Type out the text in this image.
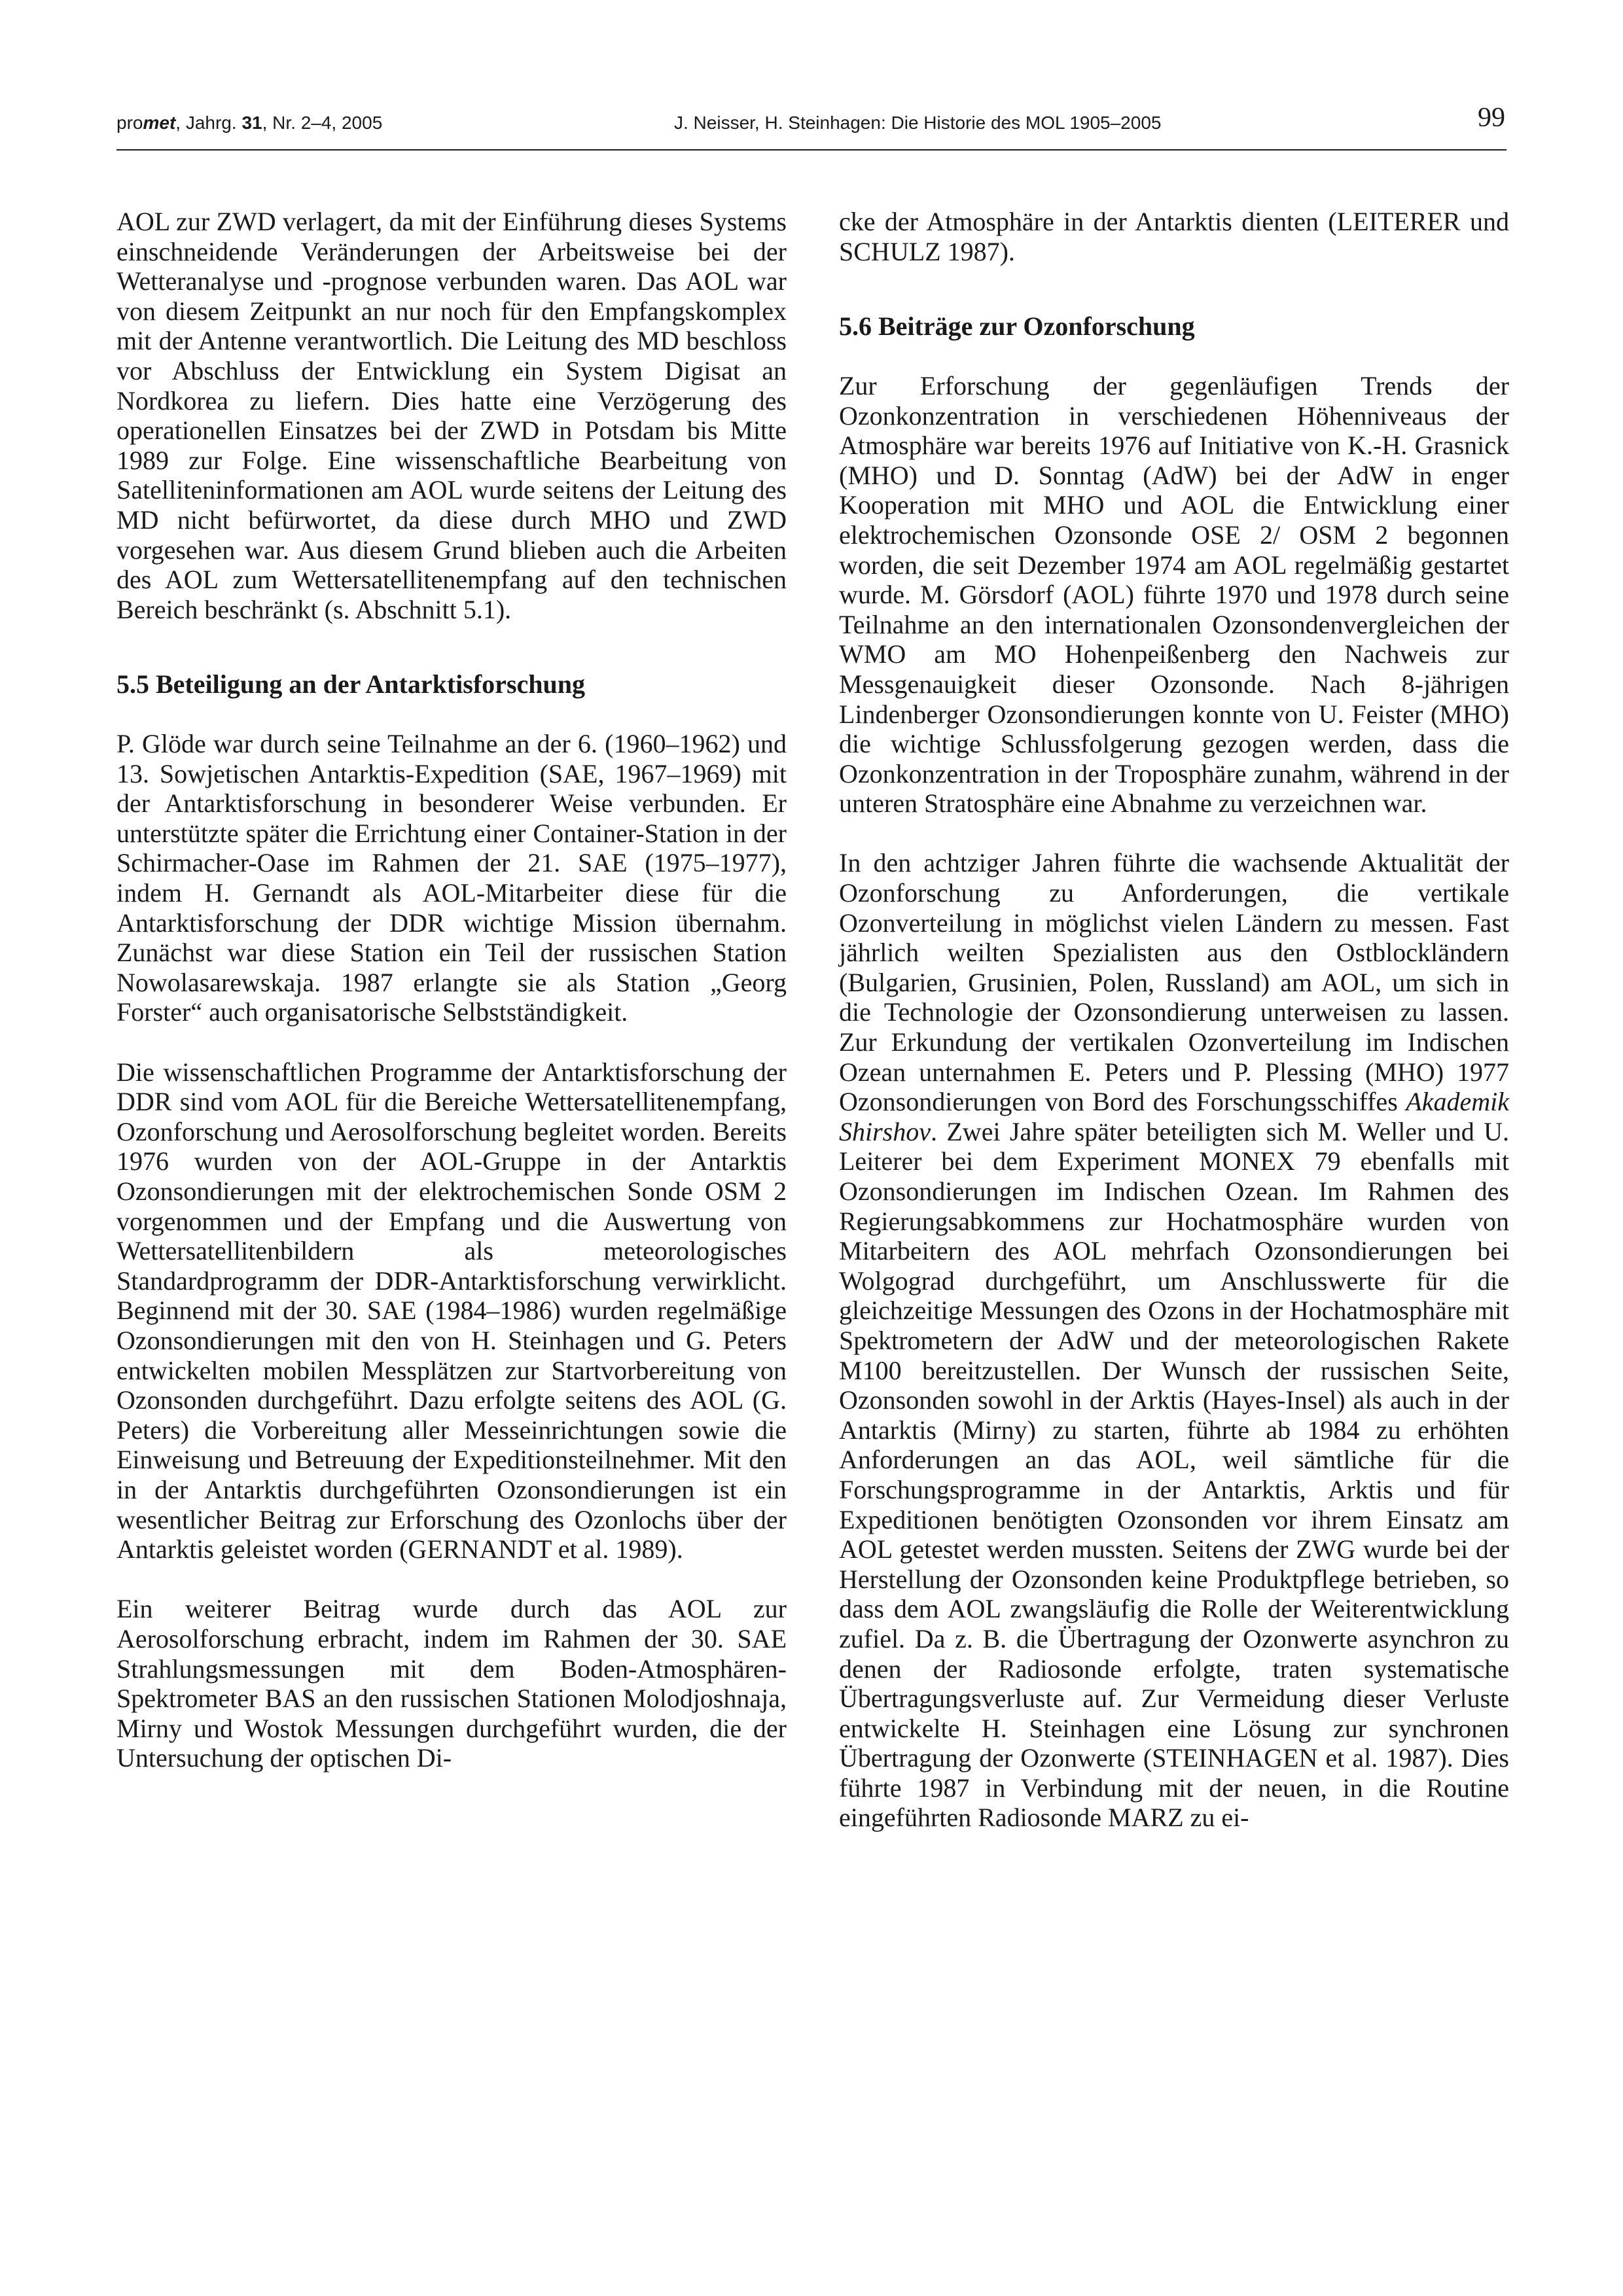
promet, Jahrg. 31, Nr. 2–4, 2005	J. Neisser, H. Steinhagen: Die Historie des MOL 1905–2005	99

AOL zur ZWD verlagert, da mit der Einführung dieses Systems einschneidende Veränderungen der Arbeitsweise bei der Wetteranalyse und -prognose verbunden waren. Das AOL war von diesem Zeitpunkt an nur noch für den Empfangskomplex mit der Antenne verantwortlich. Die Leitung des MD beschloss vor Abschluss der Entwicklung ein System Digisat an Nordkorea zu liefern. Dies hatte eine Verzögerung des operationellen Einsatzes bei der ZWD in Potsdam bis Mitte 1989 zur Folge. Eine wissenschaftliche Bearbeitung von Satelliteninformationen am AOL wurde seitens der Leitung des MD nicht befürwortet, da diese durch MHO und ZWD vorgesehen war. Aus diesem Grund blieben auch die Arbeiten des AOL zum Wettersatellitenempfang auf den technischen Bereich beschränkt (s. Abschnitt 5.1).

5.5 Beteiligung an der Antarktisforschung

P. Glöde war durch seine Teilnahme an der 6. (1960–1962) und 13. Sowjetischen Antarktis-Expedition (SAE, 1967–1969) mit der Antarktisforschung in besonderer Weise verbunden. Er unterstützte später die Errichtung einer Container-Station in der Schirmacher-Oase im Rahmen der 21. SAE (1975–1977), indem H. Gernandt als AOL-Mitarbeiter diese für die Antarktisforschung der DDR wichtige Mission übernahm. Zunächst war diese Station ein Teil der russischen Station Nowolasarewskaja. 1987 erlangte sie als Station „Georg Forster“ auch organisatorische Selbstständigkeit.

Die wissenschaftlichen Programme der Antarktisforschung der DDR sind vom AOL für die Bereiche Wettersatellitenempfang, Ozonforschung und Aerosolforschung begleitet worden. Bereits 1976 wurden von der AOL-Gruppe in der Antarktis Ozonsondierungen mit der elektrochemischen Sonde OSM 2 vorgenommen und der Empfang und die Auswertung von Wettersatellitenbildern als meteorologisches Standardprogramm der DDR-Antarktisforschung verwirklicht. Beginnend mit der 30. SAE (1984–1986) wurden regelmäßige Ozonsondierungen mit den von H. Steinhagen und G. Peters entwickelten mobilen Messplätzen zur Startvorbereitung von Ozonsonden durchgeführt. Dazu erfolgte seitens des AOL (G. Peters) die Vorbereitung aller Messeinrichtungen sowie die Einweisung und Betreuung der Expeditionsteilnehmer. Mit den in der Antarktis durchgeführten Ozonsondierungen ist ein wesentlicher Beitrag zur Erforschung des Ozonlochs über der Antarktis geleistet worden (GERNANDT et al. 1989).

Ein weiterer Beitrag wurde durch das AOL zur Aerosolforschung erbracht, indem im Rahmen der 30. SAE Strahlungsmessungen mit dem Boden-Atmosphären-Spektrometer BAS an den russischen Stationen Molodjoshnaja, Mirny und Wostok Messungen durchgeführt wurden, die der Untersuchung der optischen Di-

cke der Atmosphäre in der Antarktis dienten (LEITERER und SCHULZ 1987).

5.6 Beiträge zur Ozonforschung

Zur Erforschung der gegenläufigen Trends der Ozonkonzentration in verschiedenen Höhenniveaus der Atmosphäre war bereits 1976 auf Initiative von K.-H. Grasnick (MHO) und D. Sonntag (AdW) bei der AdW in enger Kooperation mit MHO und AOL die Entwicklung einer elektrochemischen Ozonsonde OSE 2/ OSM 2 begonnen worden, die seit Dezember 1974 am AOL regelmäßig gestartet wurde. M. Görsdorf (AOL) führte 1970 und 1978 durch seine Teilnahme an den internationalen Ozonsondenvergleichen der WMO am MO Hohenpeißenberg den Nachweis zur Messgenauigkeit dieser Ozonsonde. Nach 8-jährigen Lindenberger Ozonsondierungen konnte von U. Feister (MHO) die wichtige Schlussfolgerung gezogen werden, dass die Ozonkonzentration in der Troposphäre zunahm, während in der unteren Stratosphäre eine Abnahme zu verzeichnen war.

In den achtziger Jahren führte die wachsende Aktualität der Ozonforschung zu Anforderungen, die vertikale Ozonverteilung in möglichst vielen Ländern zu messen. Fast jährlich weilten Spezialisten aus den Ostblockländern (Bulgarien, Grusinien, Polen, Russland) am AOL, um sich in die Technologie der Ozonsondierung unterweisen zu lassen. Zur Erkundung der vertikalen Ozonverteilung im Indischen Ozean unternahmen E. Peters und P. Plessing (MHO) 1977 Ozonsondierungen von Bord des Forschungsschiffes Akademik Shirshov. Zwei Jahre später beteiligten sich M. Weller und U. Leiterer bei dem Experiment MONEX 79 ebenfalls mit Ozonsondierungen im Indischen Ozean. Im Rahmen des Regierungsabkommens zur Hochatmosphäre wurden von Mitarbeitern des AOL mehrfach Ozonsondierungen bei Wolgograd durchgeführt, um Anschlusswerte für die gleichzeitige Messungen des Ozons in der Hochatmosphäre mit Spektrometern der AdW und der meteorologischen Rakete M100 bereitzustellen. Der Wunsch der russischen Seite, Ozonsonden sowohl in der Arktis (Hayes-Insel) als auch in der Antarktis (Mirny) zu starten, führte ab 1984 zu erhöhten Anforderungen an das AOL, weil sämtliche für die Forschungsprogramme in der Antarktis, Arktis und für Expeditionen benötigten Ozonsonden vor ihrem Einsatz am AOL getestet werden mussten. Seitens der ZWG wurde bei der Herstellung der Ozonsonden keine Produktpflege betrieben, so dass dem AOL zwangsläufig die Rolle der Weiterentwicklung zufiel. Da z. B. die Übertragung der Ozonwerte asynchron zu denen der Radiosonde erfolgte, traten systematische Übertragungsverluste auf. Zur Vermeidung dieser Verluste entwickelte H. Steinhagen eine Lösung zur synchronen Übertragung der Ozonwerte (STEINHAGEN et al. 1987). Dies führte 1987 in Verbindung mit der neuen, in die Routine eingeführten Radiosonde MARZ zu ei-
